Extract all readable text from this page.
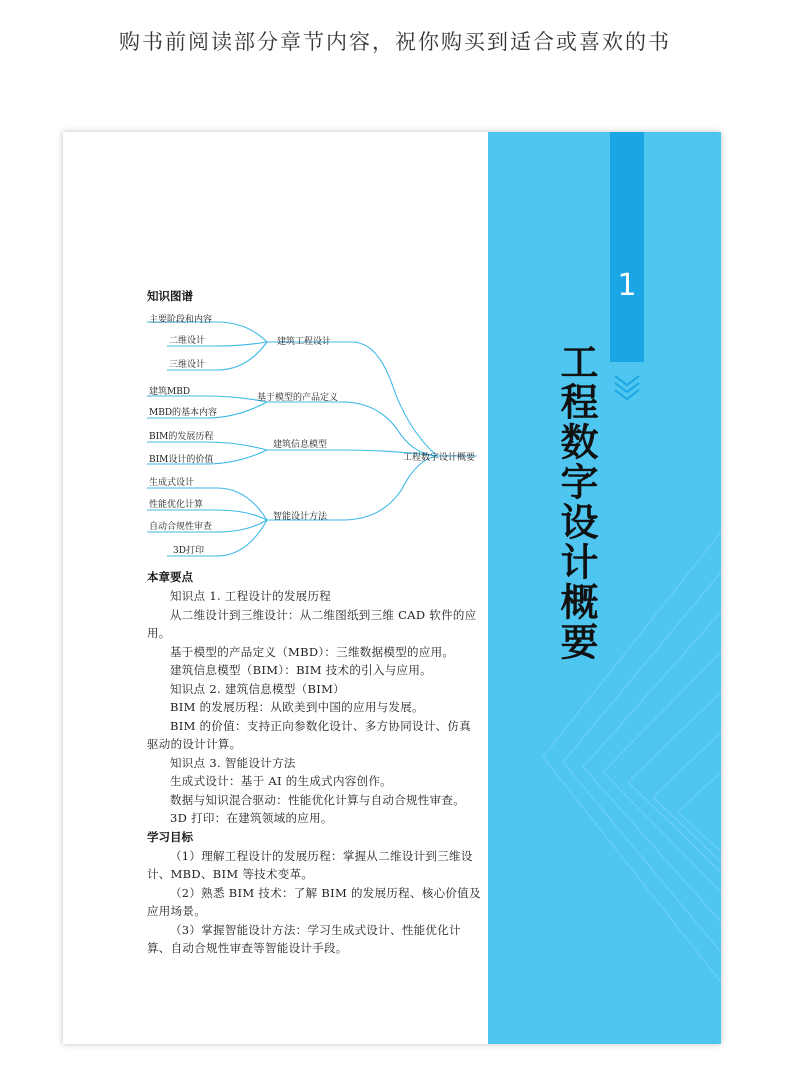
购书前阅读部分章节内容，祝你购买到适合或喜欢的书
1
工程数字设计概要
知识图谱
主要阶段和内容
二维设计
三维设计
建筑工程设计
建筑MBD
MBD的基本内容
基于模型的产品定义
BIM的发展历程
BIM设计的价值
建筑信息模型
生成式设计
性能优化计算
自动合规性审查
3D打印
智能设计方法
工程数字设计概要
本章要点

知识点 1. 工程设计的发展历程

从二维设计到三维设计：从二维图纸到三维 CAD 软件的应用。

基于模型的产品定义（MBD）：三维数据模型的应用。

建筑信息模型（BIM）：BIM 技术的引入与应用。

知识点 2. 建筑信息模型（BIM）

BIM 的发展历程：从欧美到中国的应用与发展。

BIM 的价值：支持正向参数化设计、多方协同设计、仿真驱动的设计计算。

知识点 3. 智能设计方法

生成式设计：基于 AI 的生成式内容创作。

数据与知识混合驱动：性能优化计算与自动合规性审查。

3D 打印：在建筑领域的应用。

学习目标

（1）理解工程设计的发展历程：掌握从二维设计到三维设计、MBD、BIM 等技术变革。

（2）熟悉 BIM 技术：了解 BIM 的发展历程、核心价值及应用场景。

（3）掌握智能设计方法：学习生成式设计、性能优化计算、自动合规性审查等智能设计手段。
